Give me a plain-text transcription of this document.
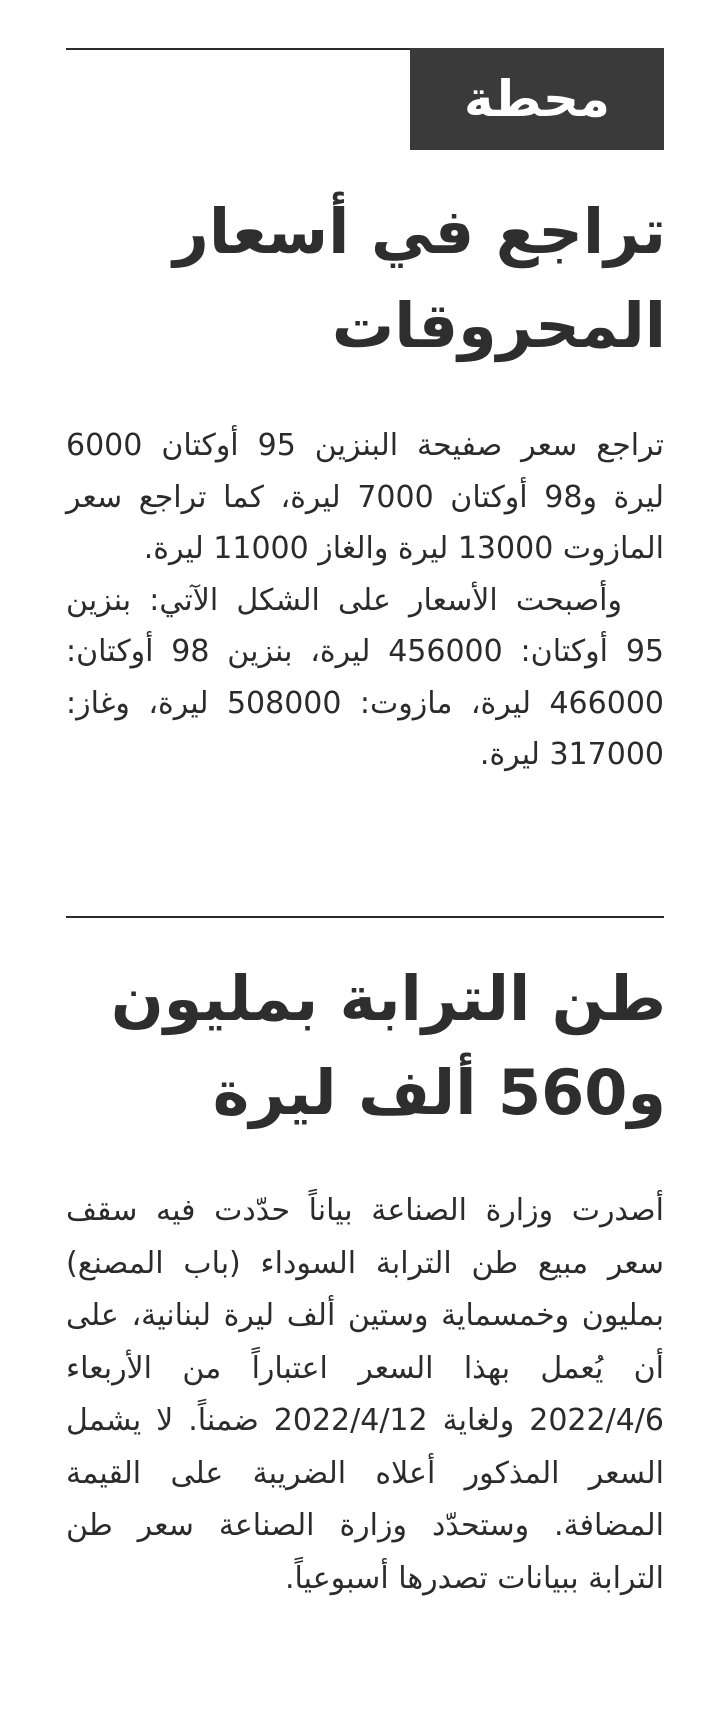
محطة
تراجع في أسعار المحروقات

تراجع سعر صفيحة البنزين 95 أوكتان 6000 ليرة و98 أوكتان 7000 ليرة، كما تراجع سعر المازوت 13000 ليرة والغاز 11000 ليرة.

وأصبحت الأسعار على الشكل الآتي: بنزين 95 أوكتان: 456000 ليرة، بنزين 98 أوكتان: 466000 ليرة، مازوت: 508000 ليرة، وغاز: 317000 ليرة.

طن الترابة بمليون و560 ألف ليرة

أصدرت وزارة الصناعة بياناً حدّدت فيه سقف سعر مبيع طن الترابة السوداء (باب المصنع) بمليون وخمسماية وستين ألف ليرة لبنانية، على أن يُعمل بهذا السعر اعتباراً من الأربعاء 2022/4/6 ولغاية 2022/4/12 ضمناً. لا يشمل السعر المذكور أعلاه الضريبة على القيمة المضافة. وستحدّد وزارة الصناعة سعر طن الترابة ببيانات تصدرها أسبوعياً.
